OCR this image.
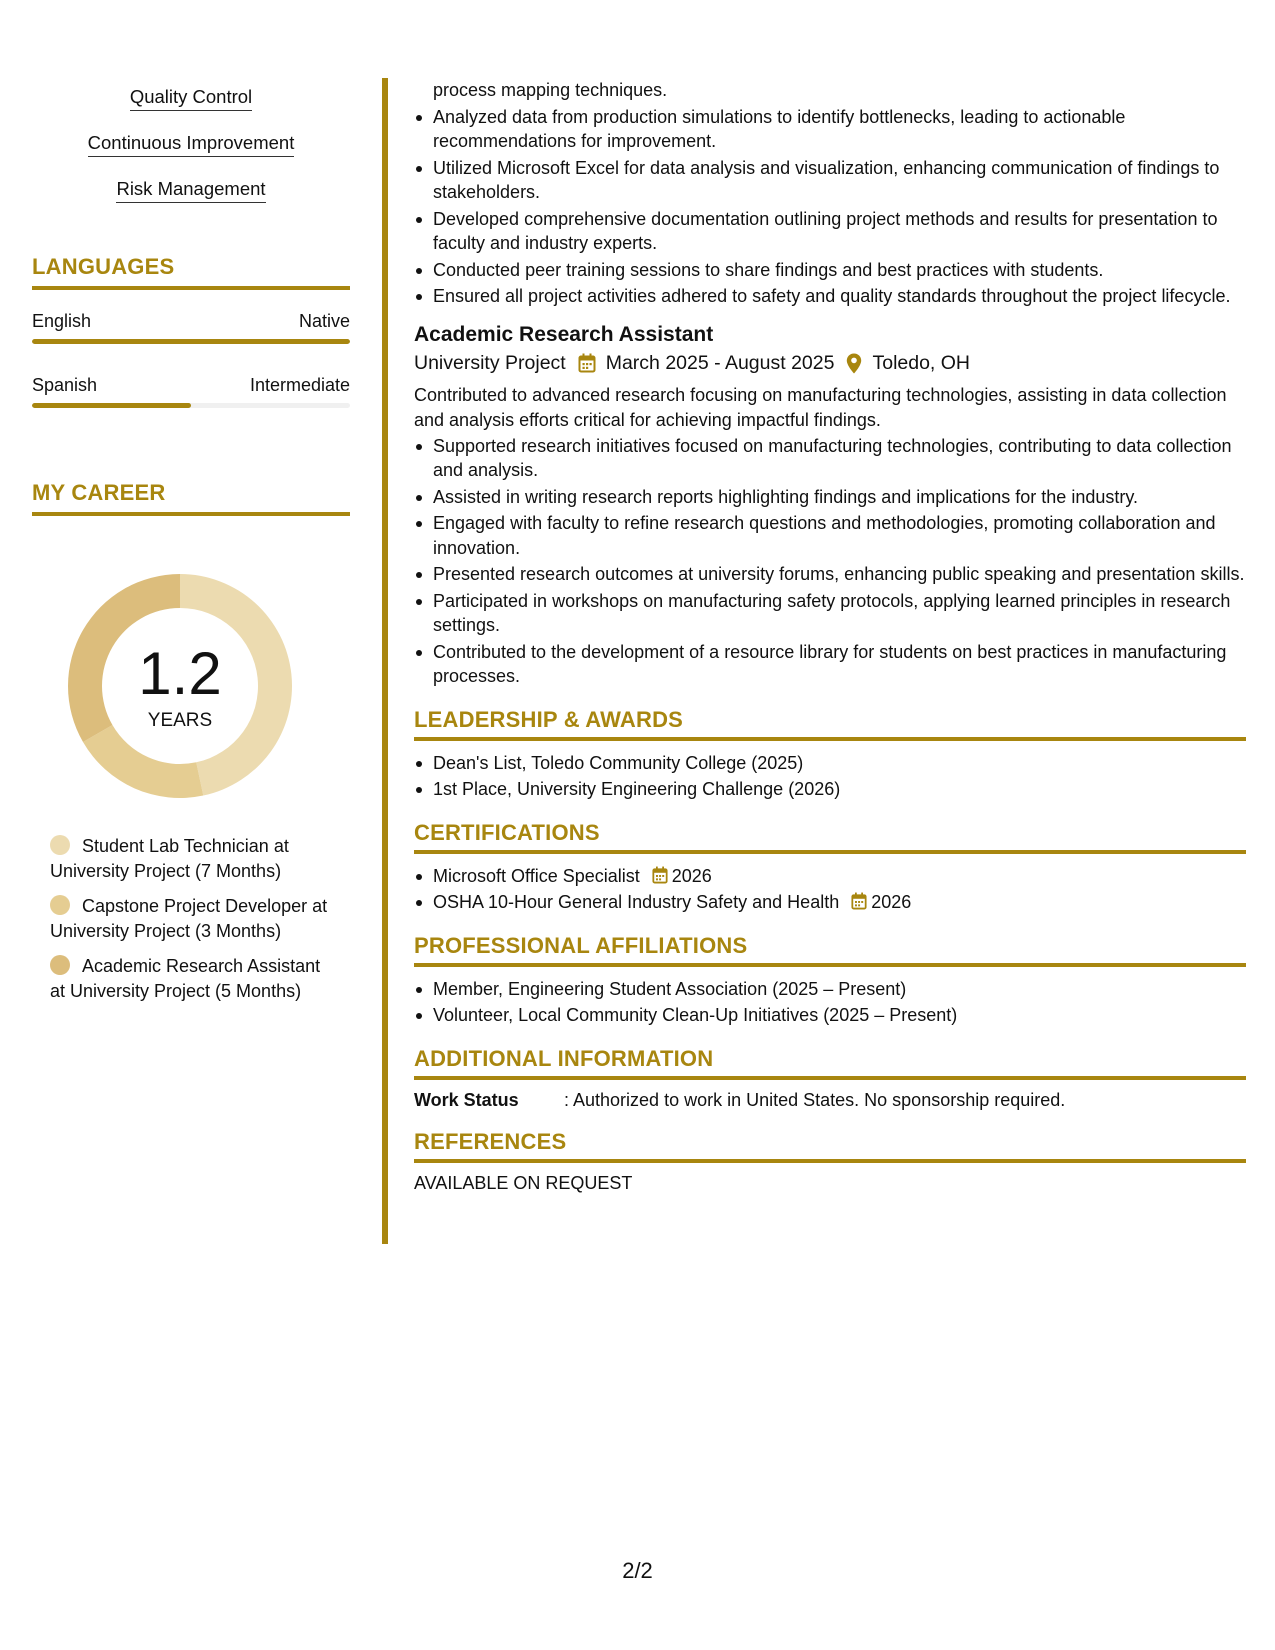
Quality Control
Continuous Improvement
Risk Management
LANGUAGES
English	Native
Spanish	Intermediate
MY CAREER
1.2
YEARS
Student Lab Technician at University Project (7 Months)
Capstone Project Developer at University Project (3 Months)
Academic Research Assistant at University Project (5 Months)
process mapping techniques.
Analyzed data from production simulations to identify bottlenecks, leading to actionable recommendations for improvement.
Utilized Microsoft Excel for data analysis and visualization, enhancing communication of findings to stakeholders.
Developed comprehensive documentation outlining project methods and results for presentation to faculty and industry experts.
Conducted peer training sessions to share findings and best practices with students.
Ensured all project activities adhered to safety and quality standards throughout the project lifecycle.
Academic Research Assistant
University Project March 2025 - August 2025 Toledo, OH
Contributed to advanced research focusing on manufacturing technologies, assisting in data collection and analysis efforts critical for achieving impactful findings.
Supported research initiatives focused on manufacturing technologies, contributing to data collection and analysis.
Assisted in writing research reports highlighting findings and implications for the industry.
Engaged with faculty to refine research questions and methodologies, promoting collaboration and innovation.
Presented research outcomes at university forums, enhancing public speaking and presentation skills.
Participated in workshops on manufacturing safety protocols, applying learned principles in research settings.
Contributed to the development of a resource library for students on best practices in manufacturing processes.
LEADERSHIP & AWARDS
Dean's List, Toledo Community College (2025)
1st Place, University Engineering Challenge (2026)
CERTIFICATIONS
Microsoft Office Specialist 2026
OSHA 10-Hour General Industry Safety and Health 2026
PROFESSIONAL AFFILIATIONS
Member, Engineering Student Association (2025 – Present)
Volunteer, Local Community Clean-Up Initiatives (2025 – Present)
ADDITIONAL INFORMATION
Work Status	: Authorized to work in United States. No sponsorship required.
REFERENCES
AVAILABLE ON REQUEST
2/2
